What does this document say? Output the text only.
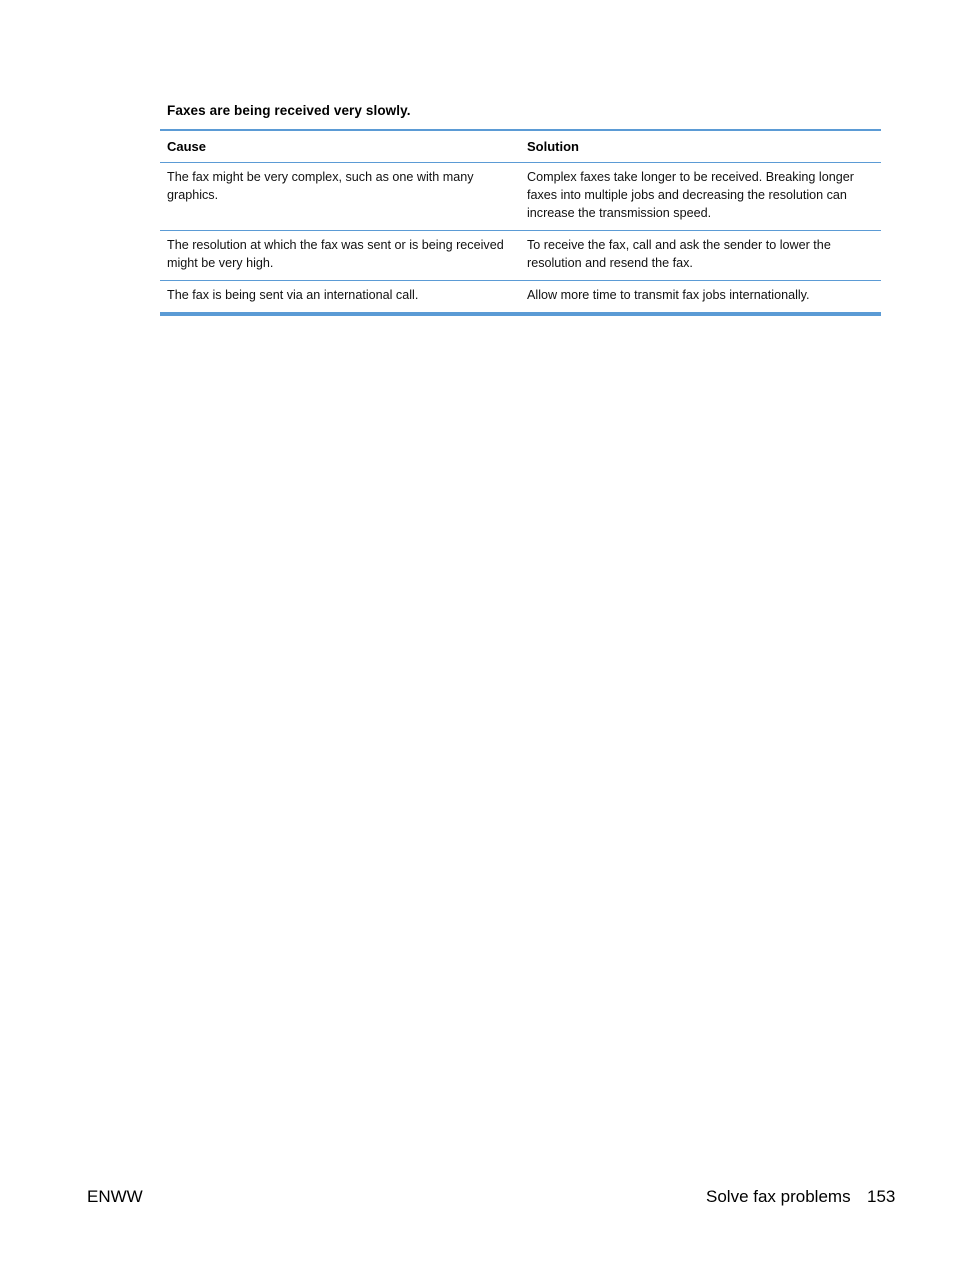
Faxes are being received very slowly.

Cause	Solution
The fax might be very complex, such as one with many graphics.	Complex faxes take longer to be received. Breaking longer faxes into multiple jobs and decreasing the resolution can increase the transmission speed.
The resolution at which the fax was sent or is being received might be very high.	To receive the fax, call and ask the sender to lower the resolution and resend the fax.
The fax is being sent via an international call.	Allow more time to transmit fax jobs internationally.

ENWW	Solve fax problems 153
